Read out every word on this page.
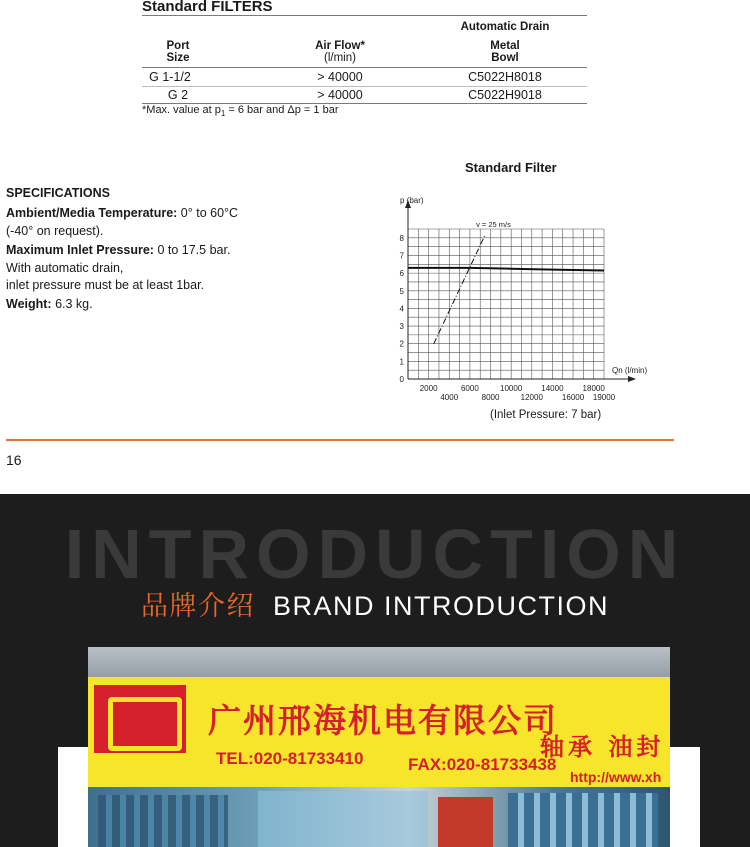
Standard FILTERS
Automatic Drain
Port
Size
Air Flow*
(l/min)
Metal
Bowl
G 1-1/2	> 40000	C5022H8018
G 2	> 40000	C5022H9018
*Max. value at $p_1 = 6$ bar and Δp = 1 bar
SPECIFICATIONS
Ambient/Media Temperature: 0° to 60°C
(-40° on request).
Maximum Inlet Pressure: 0 to 17.5 bar.
With automatic drain,
inlet pressure must be at least 1bar.
Weight: 6.3 kg.
Standard Filter
p (bar)
Qn (l/min)
0
1
2
3
4
5
6
7
8
2000	6000	10000 14000 18000
4000	8000	12000 16000 19000
v = 25 m/s
(Inlet Pressure: 7 bar)
16
INTRODUCTION
品牌介绍 BRAND INTRODUCTION
广州邢海机电有限公司
轴承 油封
TEL:020-81733410	FAX:020-81733438
http://www.xh
